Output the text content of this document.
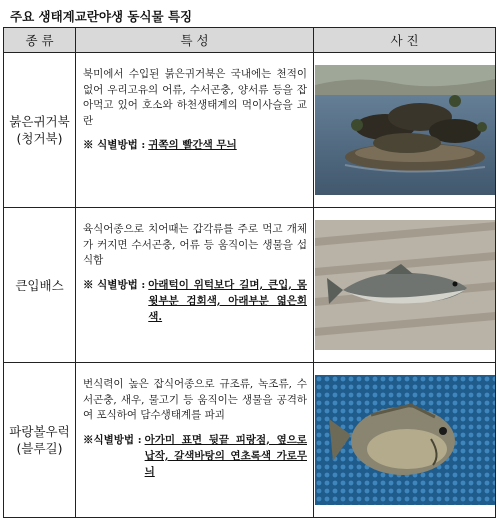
주요 생태계교란야생 동식물 특징
종 류	특 성	사 진
붉은귀거북
(청거북)	북미에서 수입된 붉은귀거북은 국내에는 천적이 없어 우리고유의 어류, 수서곤충, 양서류 등을 잡아먹고 있어 호소와 하천생태계의 먹이사슬을 교란
※ 식별방법 : 귀쪽의 빨간색 무늬

큰입배스	육식어종으로 치어때는 갑각류를 주로 먹고 개체가 커지면 수서곤충, 어류 등 움직이는 생물을 섭식함
※ 식별방법 : 아래턱이 위턱보다 길며, 큰입, 몸 윗부분 검회색, 아래부분 엷은회색.

파랑볼우럭
(블루길)	번식력이 높은 잡식어종으로 규조류, 녹조류, 수서곤충, 새우, 물고기 등 움직이는 생물을 공격하여 포식하여 담수생태계를 파괴
※식별방법 : 아가미 표면 뒷끝 피랑점, 옆으로 납작, 갈색바탕의 연초록색 가로무늬
